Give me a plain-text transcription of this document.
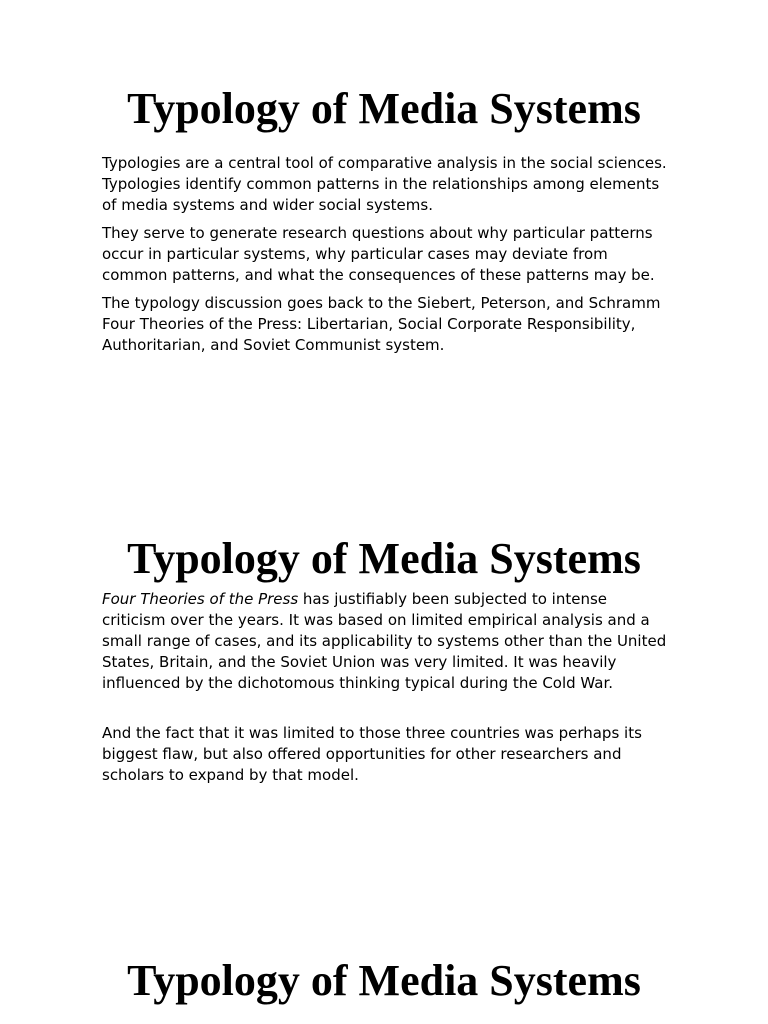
Typology of Media Systems

Typologies are a central tool of comparative analysis in the social sciences. Typologies identify common patterns in the relationships among elements of media systems and wider social systems.

They serve to generate research questions about why particular patterns occur in particular systems, why particular cases may deviate from common patterns, and what the consequences of these patterns may be.

The typology discussion goes back to the Siebert, Peterson, and Schramm Four Theories of the Press: Libertarian, Social Corporate Responsibility, Authoritarian, and Soviet Communist system.

Typology of Media Systems

Four Theories of the Press has justifiably been subjected to intense criticism over the years. It was based on limited empirical analysis and a small range of cases, and its applicability to systems other than the United States, Britain, and the Soviet Union was very limited. It was heavily influenced by the dichotomous thinking typical during the Cold War.

And the fact that it was limited to those three countries was perhaps its biggest flaw, but also offered opportunities for other researchers and scholars to expand by that model.

Typology of Media Systems
